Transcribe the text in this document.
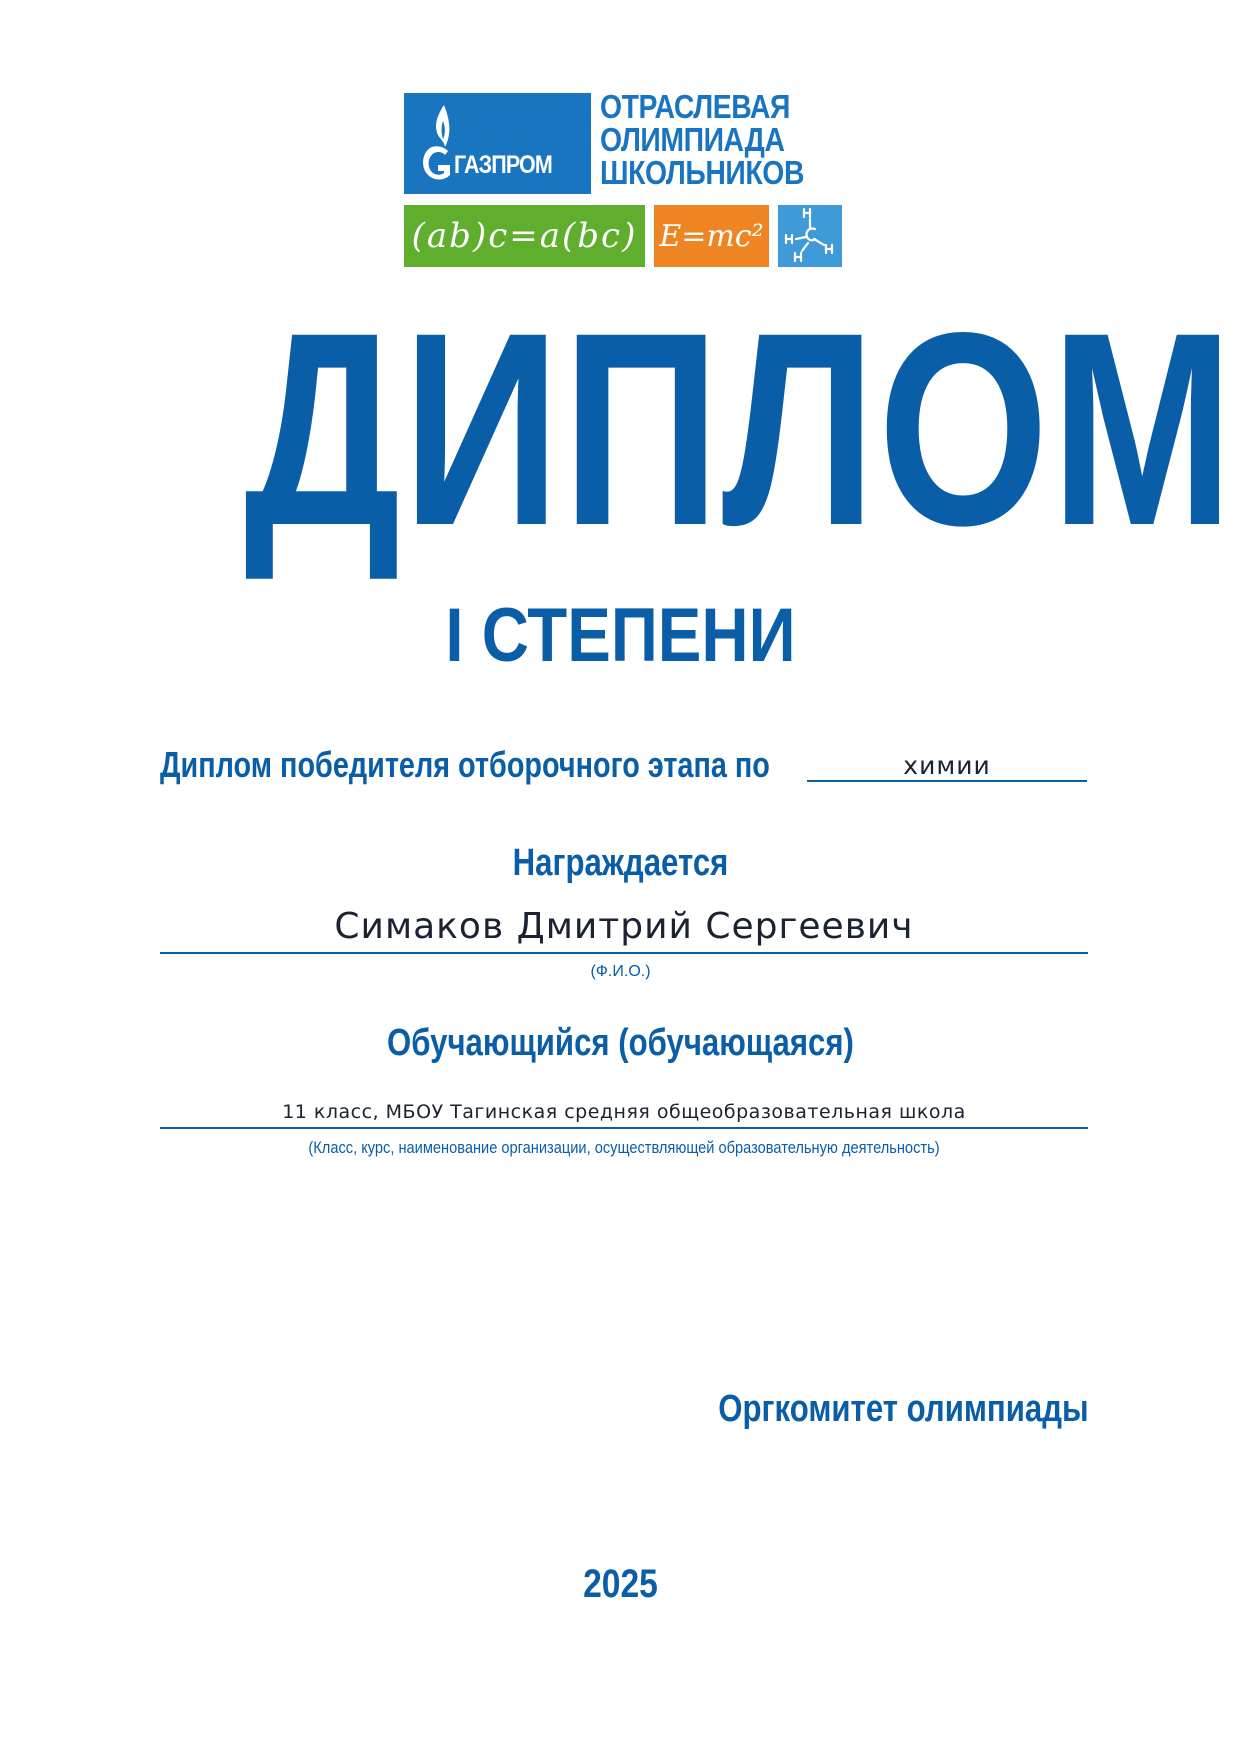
ГАЗПРОМ
ОТРАСЛЕВАЯ
ОЛИМПИАДА
ШКОЛЬНИКОВ
(ab)c=a(bc) E=mc²
ДИПЛОМ
I СТЕПЕНИ
Диплом победителя отборочного этапа по	химии
Награждается
Симаков Дмитрий Сергеевич
(Ф.И.О.)
Обучающийся (обучающаяся)
11 класс, МБОУ Тагинская средняя общеобразовательная школа
(Класс, курс, наименование организации, осуществляющей образовательную деятельность)
Оргкомитет олимпиады
2025
